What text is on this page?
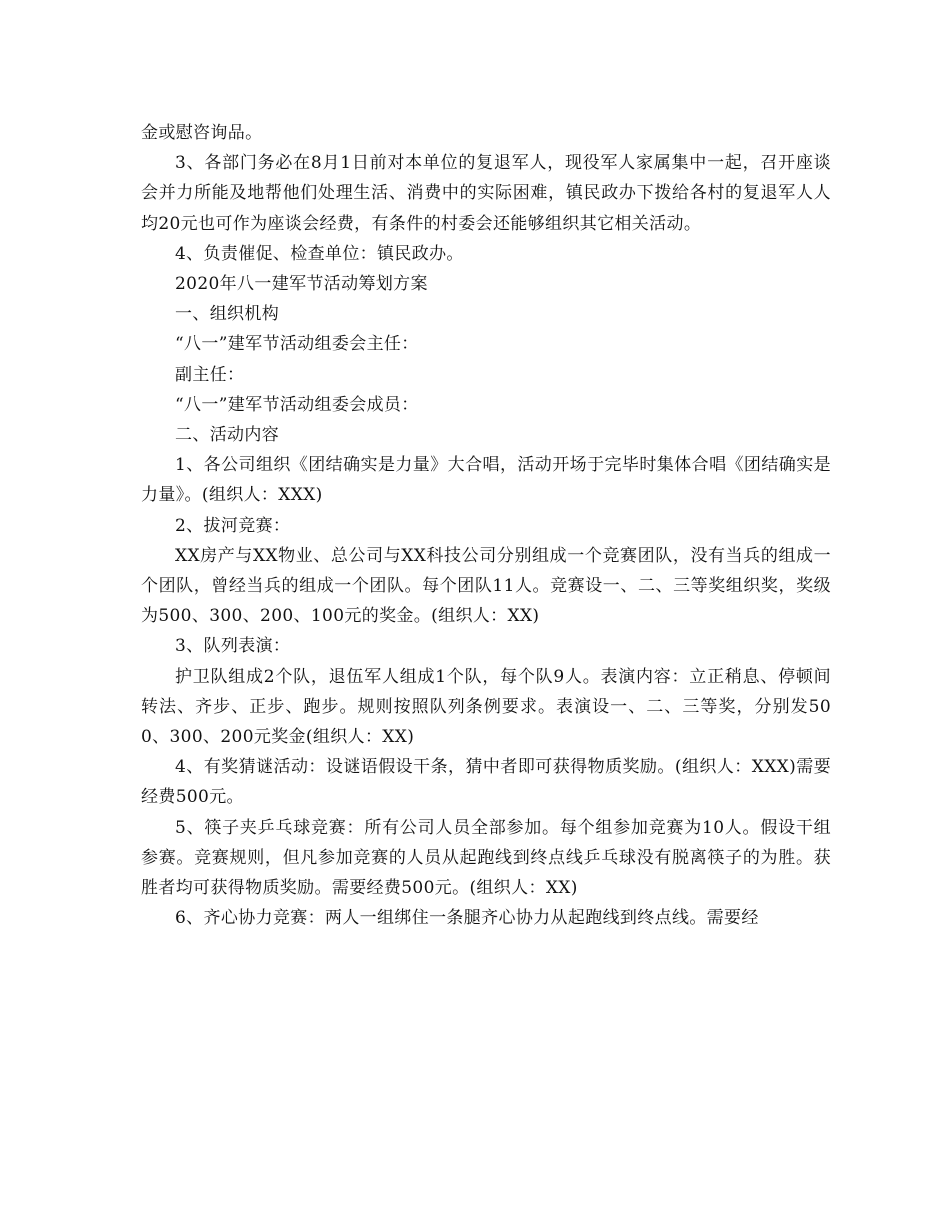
金或慰咨询品。

3、各部门务必在8月1日前对本单位的复退军人，现役军人家属集中一起，召开座谈会并力所能及地帮他们处理生活、消费中的实际困难，镇民政办下拨给各村的复退军人人均20元也可作为座谈会经费，有条件的村委会还能够组织其它相关活动。

4、负责催促、检查单位：镇民政办。

2020年八一建军节活动筹划方案

一、组织机构

“八一”建军节活动组委会主任：

副主任：

“八一”建军节活动组委会成员：

二、活动内容

1、各公司组织《团结确实是力量》大合唱，活动开场于完毕时集体合唱《团结确实是力量》。(组织人：XXX)

2、拔河竞赛：

XX房产与XX物业、总公司与XX科技公司分别组成一个竞赛团队，没有当兵的组成一个团队，曾经当兵的组成一个团队。每个团队11人。竞赛设一、二、三等奖组织奖，奖级为500、300、200、100元的奖金。(组织人：XX)

3、队列表演：

护卫队组成2个队，退伍军人组成1个队，每个队9人。表演内容：立正稍息、停顿间转法、齐步、正步、跑步。规则按照队列条例要求。表演设一、二、三等奖，分别发500、300、200元奖金(组织人：XX)

4、有奖猜谜活动：设谜语假设干条，猜中者即可获得物质奖励。(组织人：XXX)需要经费500元。

5、筷子夹乒乓球竞赛：所有公司人员全部参加。每个组参加竞赛为10人。假设干组参赛。竞赛规则，但凡参加竞赛的人员从起跑线到终点线乒乓球没有脱离筷子的为胜。获胜者均可获得物质奖励。需要经费500元。(组织人：XX)

6、齐心协力竞赛：两人一组绑住一条腿齐心协力从起跑线到终点线。需要经
